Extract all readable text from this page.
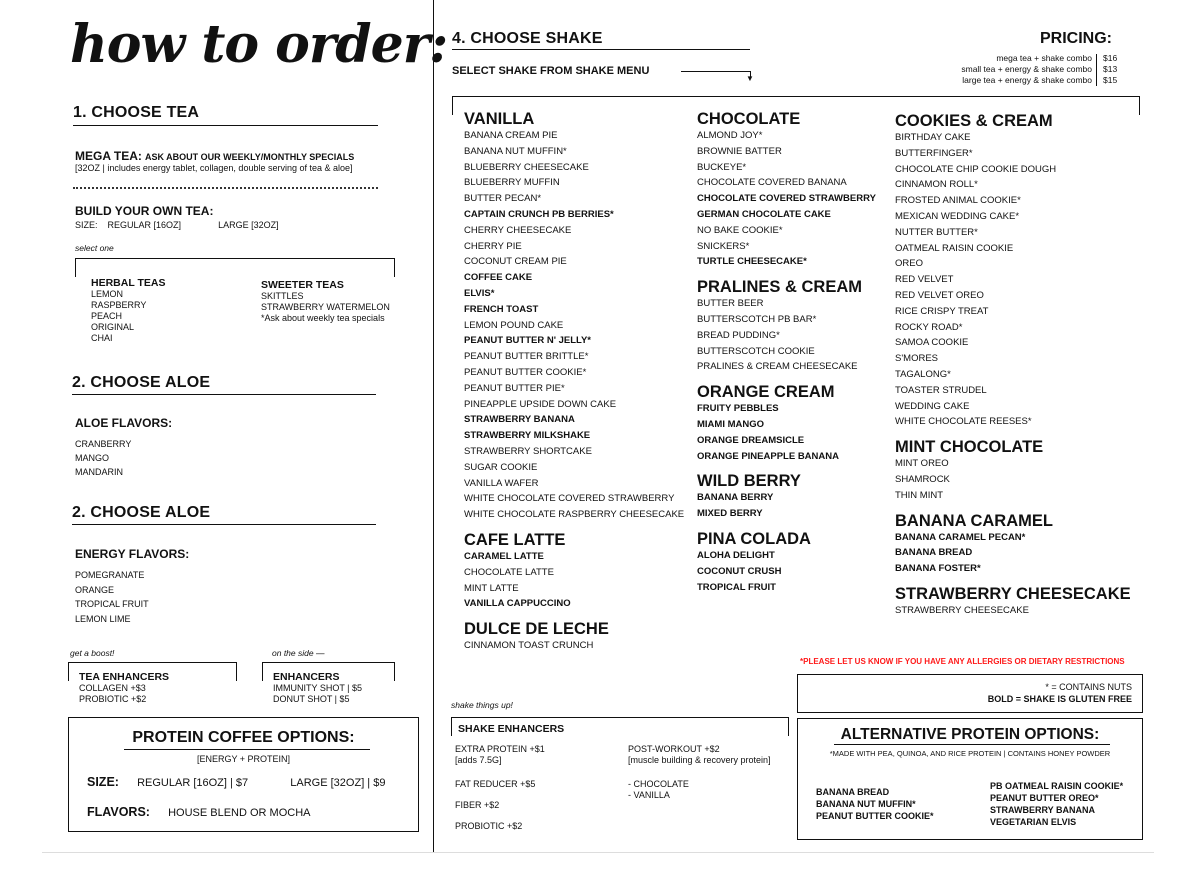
how to order:
1. CHOOSE TEA
MEGA TEA: ASK ABOUT OUR WEEKLY/MONTHLY SPECIALS
[32OZ | includes energy tablet, collagen, double serving of tea & aloe]
BUILD YOUR OWN TEA:
SIZE: REGULAR [16OZ]	LARGE [32OZ]
select one
HERBAL TEAS
LEMON
RASPBERRY
PEACH
ORIGINAL
CHAI
SWEETER TEAS
SKITTLES
STRAWBERRY WATERMELON
*Ask about weekly tea specials
2. CHOOSE ALOE
ALOE FLAVORS:
CRANBERRY
MANGO
MANDARIN
2. CHOOSE ALOE
ENERGY FLAVORS:
POMEGRANATE
ORANGE
TROPICAL FRUIT
LEMON LIME
get a boost!
TEA ENHANCERS
COLLAGEN +$3
PROBIOTIC +$2
on the side —
ENHANCERS
IMMUNITY SHOT | $5
DONUT SHOT | $5
PROTEIN COFFEE OPTIONS:
[ENERGY + PROTEIN]
SIZE: REGULAR [16OZ] | $7	LARGE [32OZ] | $9
FLAVORS: HOUSE BLEND OR MOCHA
4. CHOOSE SHAKE
SELECT SHAKE FROM SHAKE MENU
▼
PRICING:
mega tea + shake combo
small tea + energy & shake combo
large tea + energy & shake combo
$16
$13
$15
VANILLA
BANANA CREAM PIE
BANANA NUT MUFFIN*
BLUEBERRY CHEESECAKE
BLUEBERRY MUFFIN
BUTTER PECAN*
CAPTAIN CRUNCH PB BERRIES*
CHERRY CHEESECAKE
CHERRY PIE
COCONUT CREAM PIE
COFFEE CAKE
ELVIS*
FRENCH TOAST
LEMON POUND CAKE
PEANUT BUTTER N' JELLY*
PEANUT BUTTER BRITTLE*
PEANUT BUTTER COOKIE*
PEANUT BUTTER PIE*
PINEAPPLE UPSIDE DOWN CAKE
STRAWBERRY BANANA
STRAWBERRY MILKSHAKE
STRAWBERRY SHORTCAKE
SUGAR COOKIE
VANILLA WAFER
WHITE CHOCOLATE COVERED STRAWBERRY
WHITE CHOCOLATE RASPBERRY CHEESECAKE
CAFE LATTE
CARAMEL LATTE
CHOCOLATE LATTE
MINT LATTE
VANILLA CAPPUCCINO
DULCE DE LECHE
CINNAMON TOAST CRUNCH
CHOCOLATE
ALMOND JOY*
BROWNIE BATTER
BUCKEYE*
CHOCOLATE COVERED BANANA
CHOCOLATE COVERED STRAWBERRY
GERMAN CHOCOLATE CAKE
NO BAKE COOKIE*
SNICKERS*
TURTLE CHEESECAKE*
PRALINES & CREAM
BUTTER BEER
BUTTERSCOTCH PB BAR*
BREAD PUDDING*
BUTTERSCOTCH COOKIE
PRALINES & CREAM CHEESECAKE
ORANGE CREAM
FRUITY PEBBLES
MIAMI MANGO
ORANGE DREAMSICLE
ORANGE PINEAPPLE BANANA
WILD BERRY
BANANA BERRY
MIXED BERRY
PINA COLADA
ALOHA DELIGHT
COCONUT CRUSH
TROPICAL FRUIT
COOKIES & CREAM
BIRTHDAY CAKE
BUTTERFINGER*
CHOCOLATE CHIP COOKIE DOUGH
CINNAMON ROLL*
FROSTED ANIMAL COOKIE*
MEXICAN WEDDING CAKE*
NUTTER BUTTER*
OATMEAL RAISIN COOKIE
OREO
RED VELVET
RED VELVET OREO
RICE CRISPY TREAT
ROCKY ROAD*
SAMOA COOKIE
S'MORES
TAGALONG*
TOASTER STRUDEL
WEDDING CAKE
WHITE CHOCOLATE REESES*
MINT CHOCOLATE
MINT OREO
SHAMROCK
THIN MINT
BANANA CARAMEL
BANANA CARAMEL PECAN*
BANANA BREAD
BANANA FOSTER*
STRAWBERRY CHEESECAKE
STRAWBERRY CHEESECAKE
*PLEASE LET US KNOW IF YOU HAVE ANY ALLERGIES OR DIETARY RESTRICTIONS
* = CONTAINS NUTS
BOLD = SHAKE IS GLUTEN FREE
shake things up!
SHAKE ENHANCERS
EXTRA PROTEIN +$1
[adds 7.5G]
FAT REDUCER +$5
FIBER +$2
PROBIOTIC +$2
POST-WORKOUT +$2
[muscle building & recovery protein]
- CHOCOLATE
- VANILLA
ALTERNATIVE PROTEIN OPTIONS:
*MADE WITH PEA, QUINOA, AND RICE PROTEIN | CONTAINS HONEY POWDER
BANANA BREAD
BANANA NUT MUFFIN*
PEANUT BUTTER COOKIE*
PB OATMEAL RAISIN COOKIE*
PEANUT BUTTER OREO*
STRAWBERRY BANANA
VEGETARIAN ELVIS
